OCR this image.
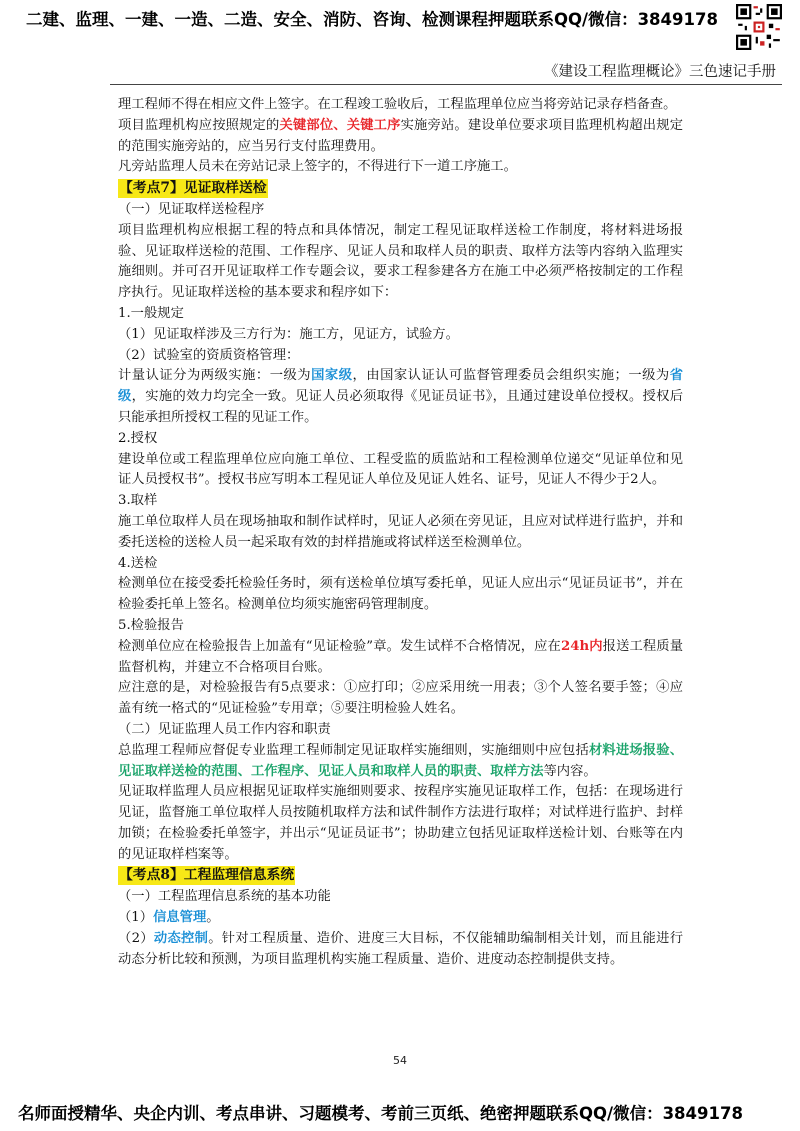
二建、监理、一建、一造、二造、安全、消防、咨询、检测课程押题联系QQ/微信：3849178
《建设工程监理概论》三色速记手册
理工程师不得在相应文件上签字。在工程竣工验收后，工程监理单位应当将旁站记录存档备查。
项目监理机构应按照规定的关键部位、关键工序实施旁站。建设单位要求项目监理机构超出规定的范围实施旁站的，应当另行支付监理费用。
凡旁站监理人员未在旁站记录上签字的，不得进行下一道工序施工。
【考点7】见证取样送检
（一）见证取样送检程序
项目监理机构应根据工程的特点和具体情况，制定工程见证取样送检工作制度，将材料进场报验、见证取样送检的范围、工作程序、见证人员和取样人员的职责、取样方法等内容纳入监理实施细则。并可召开见证取样工作专题会议，要求工程参建各方在施工中必须严格按制定的工作程序执行。见证取样送检的基本要求和程序如下：
1.一般规定
（1）见证取样涉及三方行为：施工方，见证方，试验方。
（2）试验室的资质资格管理：
计量认证分为两级实施：一级为国家级，由国家认证认可监督管理委员会组织实施；一级为省级，实施的效力均完全一致。见证人员必须取得《见证员证书》，且通过建设单位授权。授权后只能承担所授权工程的见证工作。
2.授权
建设单位或工程监理单位应向施工单位、工程受监的质监站和工程检测单位递交“见证单位和见证人员授权书”。授权书应写明本工程见证人单位及见证人姓名、证号，见证人不得少于2人。
3.取样
施工单位取样人员在现场抽取和制作试样时，见证人必须在旁见证，且应对试样进行监护，并和委托送检的送检人员一起采取有效的封样措施或将试样送至检测单位。
4.送检
检测单位在接受委托检验任务时，须有送检单位填写委托单，见证人应出示“见证员证书”，并在检验委托单上签名。检测单位均须实施密码管理制度。
5.检验报告
检测单位应在检验报告上加盖有“见证检验”章。发生试样不合格情况，应在24h内报送工程质量监督机构，并建立不合格项目台账。
应注意的是，对检验报告有5点要求：①应打印；②应采用统一用表；③个人签名要手签；④应盖有统一格式的“见证检验”专用章；⑤要注明检验人姓名。
（二）见证监理人员工作内容和职责
总监理工程师应督促专业监理工程师制定见证取样实施细则，实施细则中应包括材料进场报验、见证取样送检的范围、工作程序、见证人员和取样人员的职责、取样方法等内容。
见证取样监理人员应根据见证取样实施细则要求、按程序实施见证取样工作，包括：在现场进行见证，监督施工单位取样人员按随机取样方法和试件制作方法进行取样；对试样进行监护、封样加锁；在检验委托单签字，并出示“见证员证书”；协助建立包括见证取样送检计划、台账等在内的见证取样档案等。
【考点8】工程监理信息系统
（一）工程监理信息系统的基本功能
（1）信息管理。
（2）动态控制。针对工程质量、造价、进度三大目标，不仅能辅助编制相关计划，而且能进行动态分析比较和预测，为项目监理机构实施工程质量、造价、进度动态控制提供支持。
54
名师面授精华、央企内训、考点串讲、习题模考、考前三页纸、绝密押题联系QQ/微信：3849178
